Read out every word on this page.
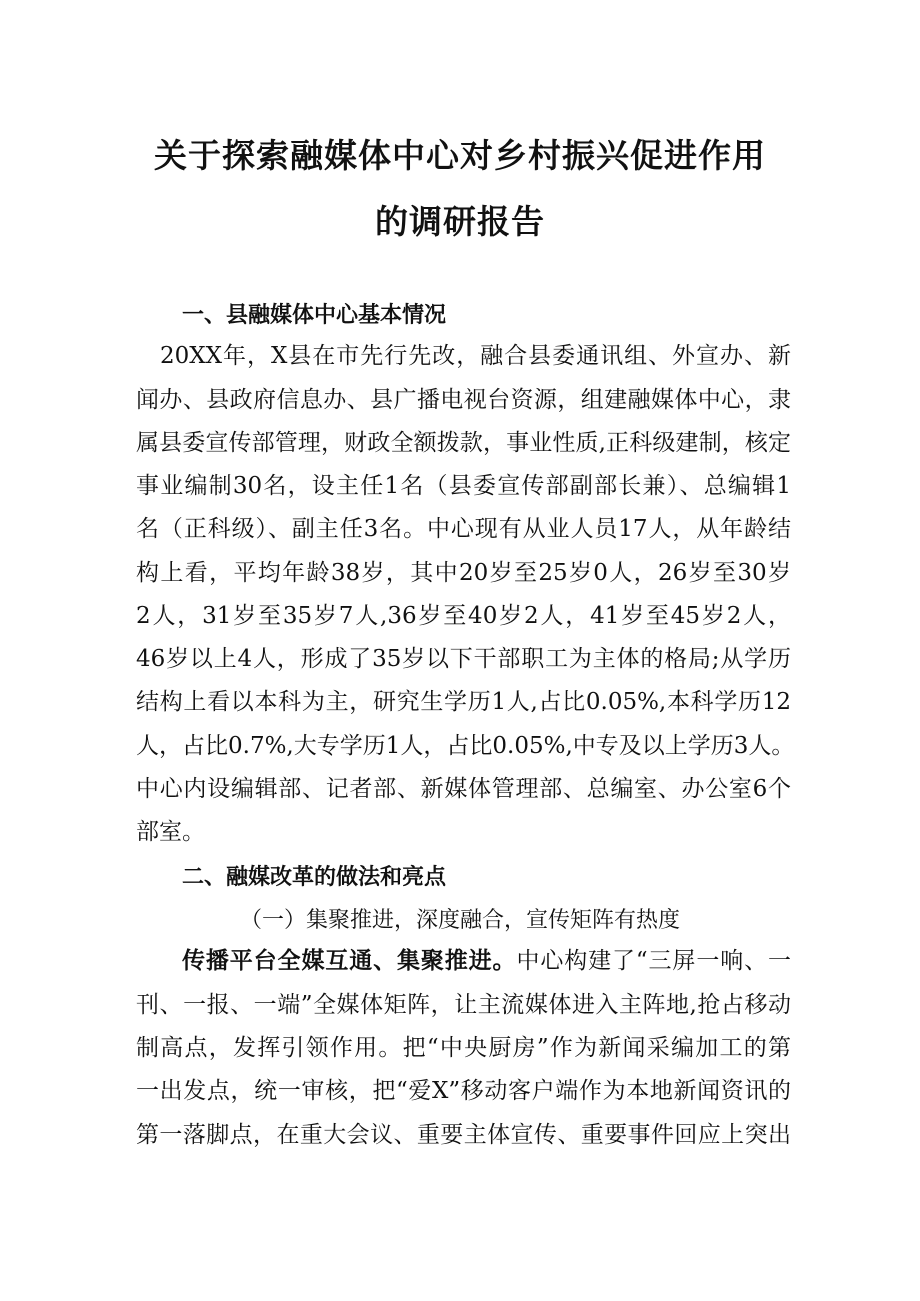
关于探索融媒体中心对乡村振兴促进作用
的调研报告
一、县融媒体中心基本情况
　20XX年，X县在市先行先改，融合县委通讯组、外宣办、新
闻办、县政府信息办、县广播电视台资源，组建融媒体中心，隶
属县委宣传部管理，财政全额拨款，事业性质,正科级建制，核定
事业编制30名，设主任1名（县委宣传部副部长兼）、总编辑1
名（正科级）、副主任3名。中心现有从业人员17人，从年龄结
构上看，平均年龄38岁，其中20岁至25岁0人，26岁至30岁
2人，31岁至35岁7人,36岁至40岁2人，41岁至45岁2人，
46岁以上4人，形成了35岁以下干部职工为主体的格局;从学历
结构上看以本科为主，研究生学历1人,占比0.05%,本科学历12
人，占比0.7%,大专学历1人，占比0.05%,中专及以上学历3人。
中心内设编辑部、记者部、新媒体管理部、总编室、办公室6个
部室。
二、融媒改革的做法和亮点
（一）集聚推进，深度融合，宣传矩阵有热度
传播平台全媒互通、集聚推进。中心构建了“三屏一响、一
刊、一报、一端”全媒体矩阵，让主流媒体进入主阵地,抢占移动
制高点，发挥引领作用。把“中央厨房”作为新闻采编加工的第
一出发点，统一审核，把“爱X”移动客户端作为本地新闻资讯的
第一落脚点，在重大会议、重要主体宣传、重要事件回应上突出
